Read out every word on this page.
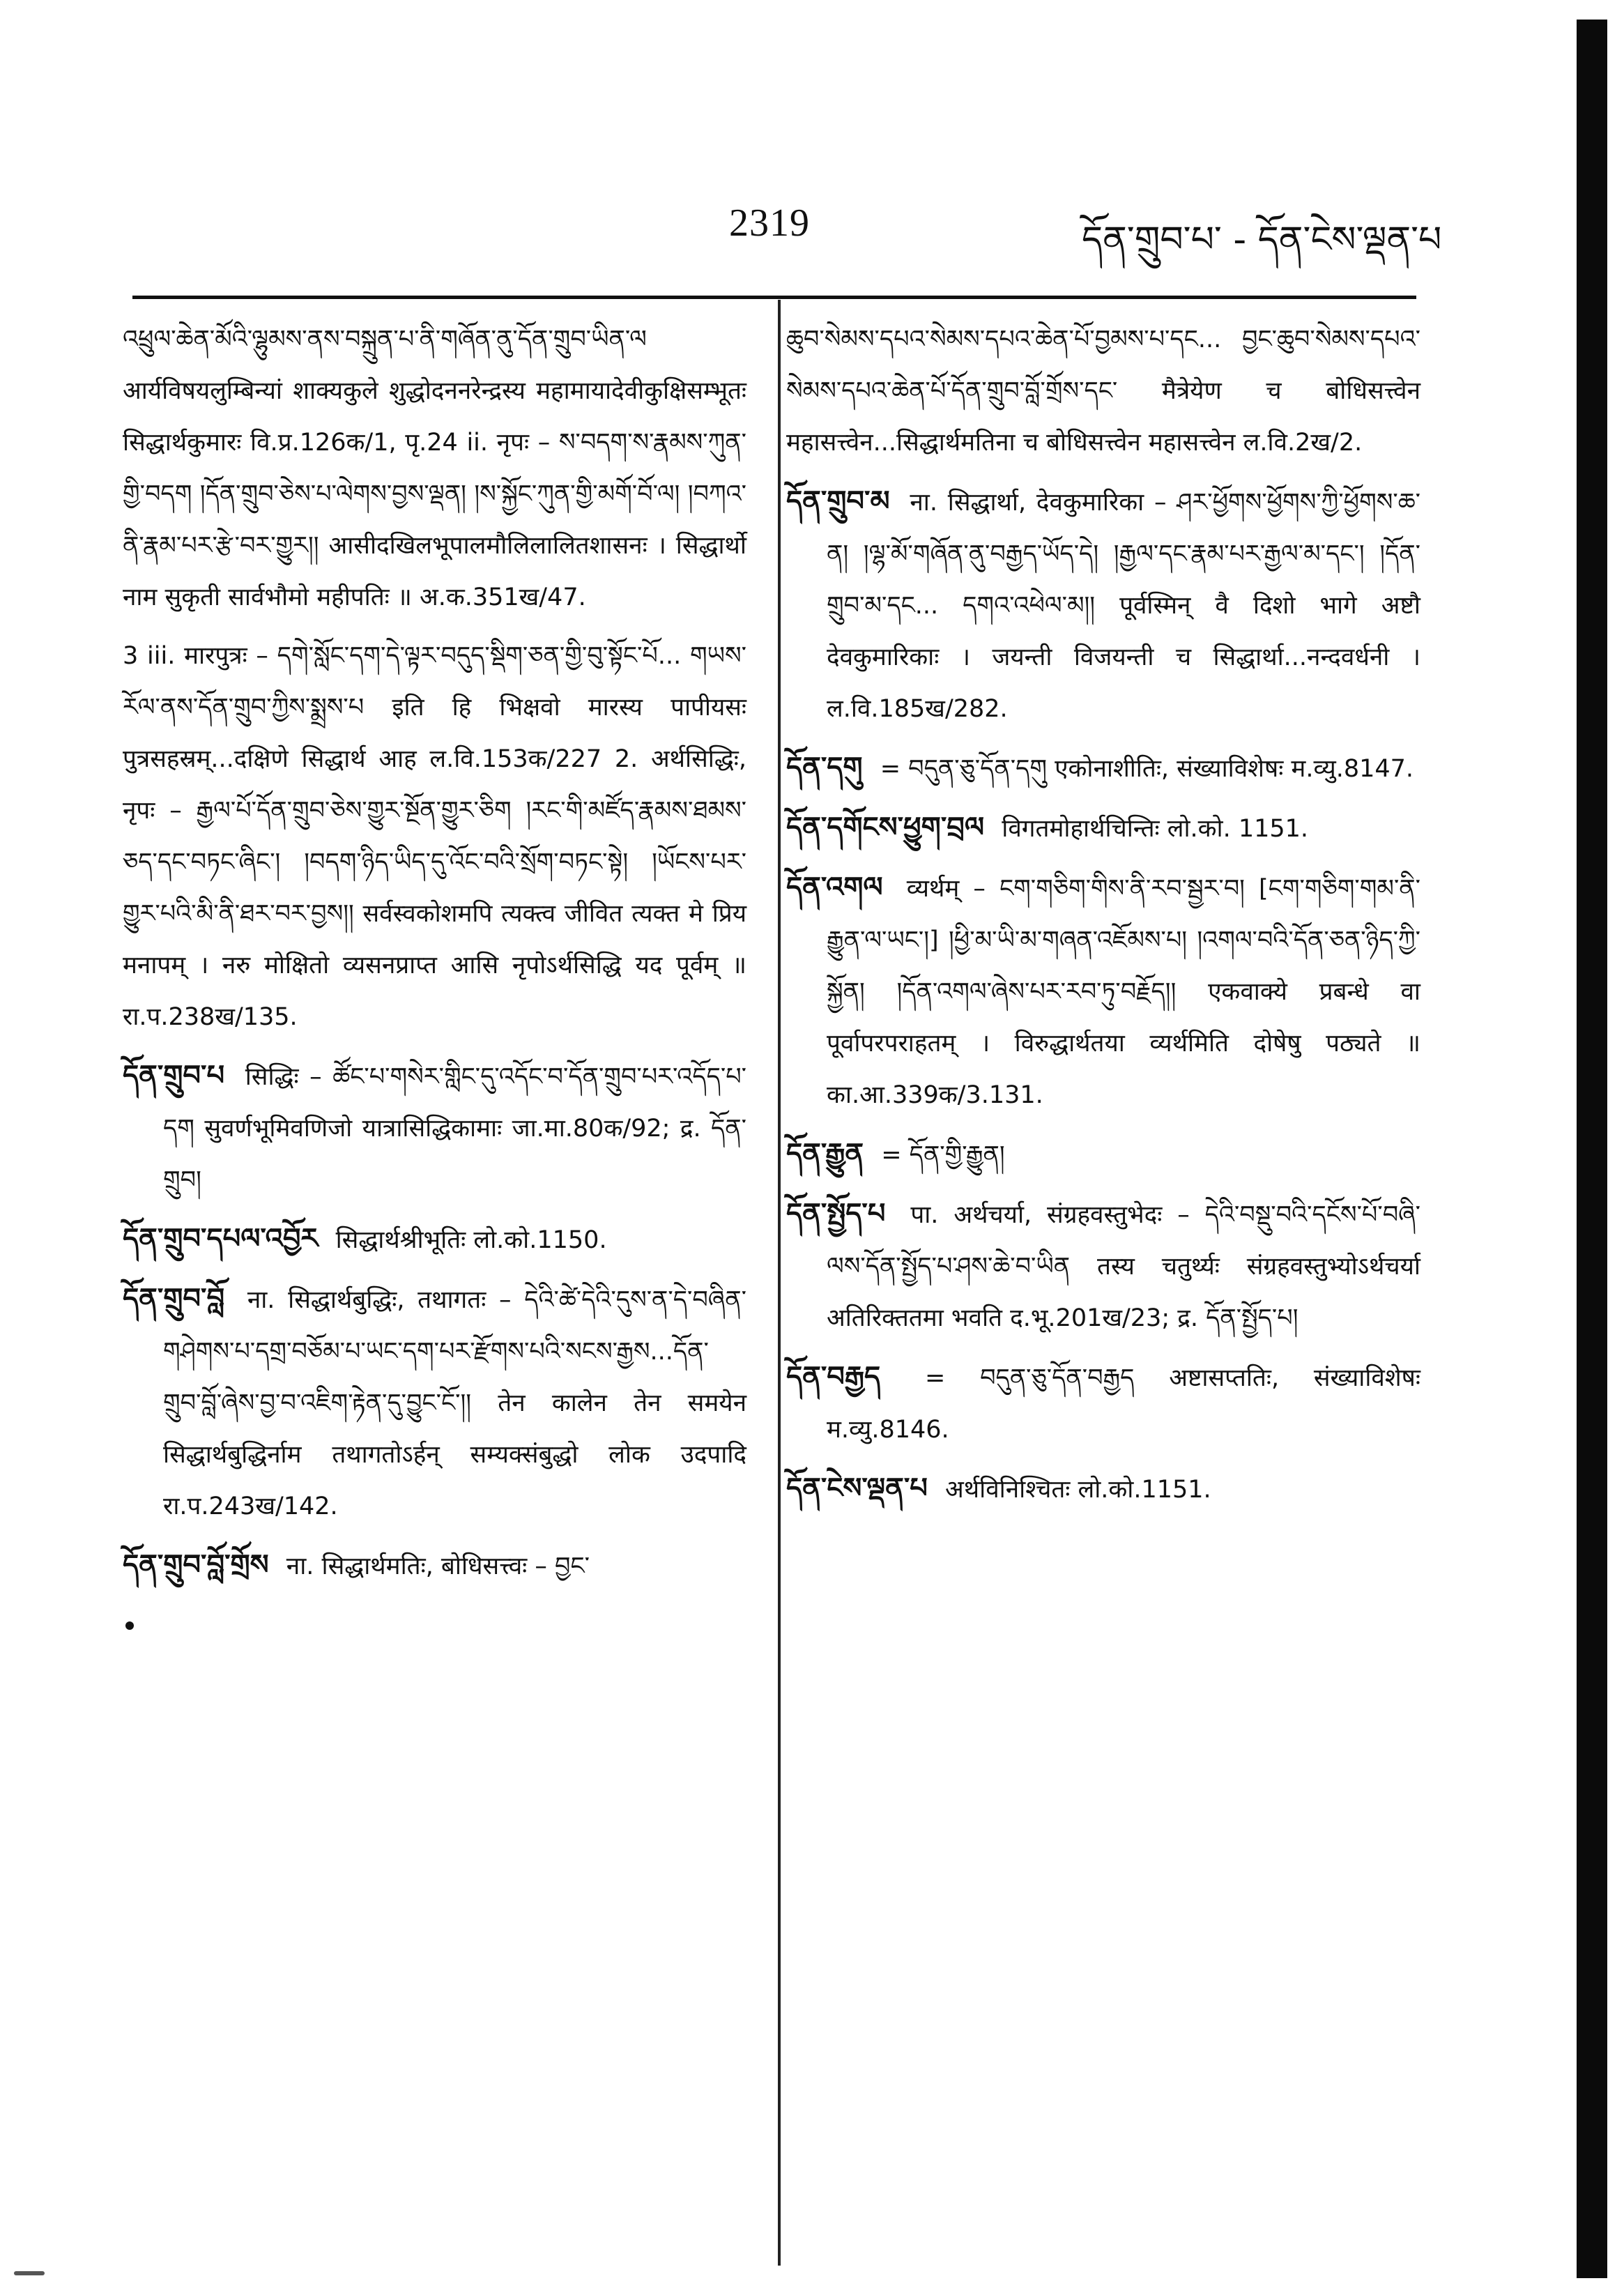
2319	དོན་གྲུབ་པ་ - དོན་ངེས་ལྡན་པ

འཕྲུལ་ཆེན་མོའི་ལྷུམས་ནས་བསྐྲུན་པ་ནི་གཞོན་ནུ་དོན་གྲུབ་ཡིན་ལ आर्यविषयलुम्बिन्यां शाक्यकुले शुद्धोदननरेन्द्रस्य महामायादेवीकुक्षिसम्भूतः सिद्धार्थकुमारः वि.प्र.126क/1, पृ.24 ii. नृपः – ས་བདག་ས་རྣམས་ཀུན་གྱི་བདག །དོན་གྲུབ་ཅེས་པ་ལེགས་བྱས་ལྡན། །ས་སྐྱོང་ཀུན་གྱི་མགོ་བོ་ལ། །བཀའ་ནི་རྣམ་པར་རྩེ་བར་གྱུར།། आसीदखिलभूपालमौलिलालितशासनः । सिद्धार्थो नाम सुकृती सार्वभौमो महीपतिः ॥ अ.क.351ख/47.

3 iii. मारपुत्रः – དགེ་སློང་དག་དེ་ལྟར་བདུད་སྡིག་ཅན་གྱི་བུ་སྟོང་པོ... གཡས་རོལ་ནས་དོན་གྲུབ་ཀྱིས་སྨྲས་པ इति हि भिक्षवो मारस्य पापीयसः पुत्रसहस्रम्...दक्षिणे सिद्धार्थ आह ल.वि.153क/227 2. अर्थसिद्धिः, नृपः – རྒྱལ་པོ་དོན་གྲུབ་ཅེས་གྱུར་སྔོན་གྱུར་ཅིག །རང་གི་མཛོད་རྣམས་ཐམས་ཅད་དང་བཏང་ཞིང་། །བདག་ཉིད་ཡིད་དུ་འོང་བའི་སྲོག་བཏང་སྟེ། །ཡོངས་པར་གྱུར་པའི་མི་ནི་ཐར་བར་བྱས།། सर्वस्वकोशमपि त्यक्त्व जीवित त्यक्त मे प्रिय मनापम् । नरु मोक्षितो व्यसनप्राप्त आसि नृपोऽर्थसिद्धि यद पूर्वम् ॥ रा.प.238ख/135.

དོན་གྲུབ་པ सिद्धिः – ཚོང་པ་གསེར་གླིང་དུ་འདོང་བ་དོན་གྲུབ་པར་འདོད་པ་དག सुवर्णभूमिवणिजो यात्रासिद्धिकामाः जा.मा.80क/92; द्र. དོན་གྲུབ།

དོན་གྲུབ་དཔལ་འབྱོར सिद्धार्थश्रीभूतिः लो.को.1150.

དོན་གྲུབ་བློ ना. सिद्धार्थबुद्धिः, तथागतः – དེའི་ཚེ་དེའི་དུས་ན་དེ་བཞིན་གཤེགས་པ་དགྲ་བཅོམ་པ་ཡང་དག་པར་རྫོགས་པའི་སངས་རྒྱས...དོན་གྲུབ་བློ་ཞེས་བྱ་བ་འཇིག་རྟེན་དུ་བྱུང་ངོ་།། तेन कालेन तेन समयेन सिद्धार्थबुद्धिर्नाम तथागतोऽर्हन् सम्यक्संबुद्धो लोक उदपादि रा.प.243ख/142.

དོན་གྲུབ་བློ་གྲོས ना. सिद्धार्थमतिः, बोधिसत्त्वः – བྱང་

ཆུབ་སེམས་དཔའ་སེམས་དཔའ་ཆེན་པོ་བྱམས་པ་དང... བྱང་ཆུབ་སེམས་དཔའ་སེམས་དཔའ་ཆེན་པོ་དོན་གྲུབ་བློ་གྲོས་དང་ मैत्रेयेण च बोधिसत्त्वेन महासत्त्वेन...सिद्धार्थमतिना च बोधिसत्त्वेन महासत्त्वेन ल.वि.2ख/2.

དོན་གྲུབ་མ ना. सिद्धार्था, देवकुमारिका – ཤར་ཕྱོགས་ཕྱོགས་ཀྱི་ཕྱོགས་ཆ་ན། །ལྷ་མོ་གཞོན་ནུ་བརྒྱད་ཡོད་དེ། །རྒྱལ་དང་རྣམ་པར་རྒྱལ་མ་དང་། །དོན་གྲུབ་མ་དང... དགའ་འཕེལ་མ།། पूर्वस्मिन् वै दिशो भागे अष्टौ देवकुमारिकाः । जयन्ती विजयन्ती च सिद्धार्था...नन्दवर्धनी । ल.वि.185ख/282.

དོན་དགུ = བདུན་ཅུ་དོན་དགུ एकोनाशीतिः, संख्याविशेषः म.व्यु.8147.

དོན་དགོངས་ཕྱུག་བྲལ विगतमोहार्थचिन्तिः लो.को. 1151.

དོན་འགལ व्यर्थम् – ངག་གཅིག་གིས་ནི་རབ་སྦྱར་བ། [ངག་གཅིག་གམ་ནི་རྒྱུན་ལ་ཡང་།] །ཕྱི་མ་ཡི་མ་གཞན་འཇོམས་པ། །འགལ་བའི་དོན་ཅན་ཉིད་ཀྱི་སྐྱོན། །དོན་འགལ་ཞེས་པར་རབ་ཏུ་བརྗོད།། एकवाक्ये प्रबन्धे वा पूर्वापरपराहतम् । विरुद्धार्थतया व्यर्थमिति दोषेषु पठ्यते ॥ का.आ.339क/3.131.

དོན་རྒྱུན = དོན་གྱི་རྒྱུན།

དོན་སྤྱོད་པ पा. अर्थचर्या, संग्रहवस्तुभेदः – དེའི་བསྡུ་བའི་དངོས་པོ་བཞི་ལས་དོན་སྤྱོད་པ་ཤས་ཆེ་བ་ཡིན तस्य चतुर्थ्यः संग्रहवस्तुभ्योऽर्थचर्या अतिरिक्ततमा भवति द.भू.201ख/23; द्र. དོན་སྤྱོད་པ།

དོན་བརྒྱད = བདུན་ཅུ་དོན་བརྒྱད अष्टासप्ततिः, संख्याविशेषः म.व्यु.8146.

དོན་ངེས་ལྡན་པ अर्थविनिश्चितः लो.को.1151.
